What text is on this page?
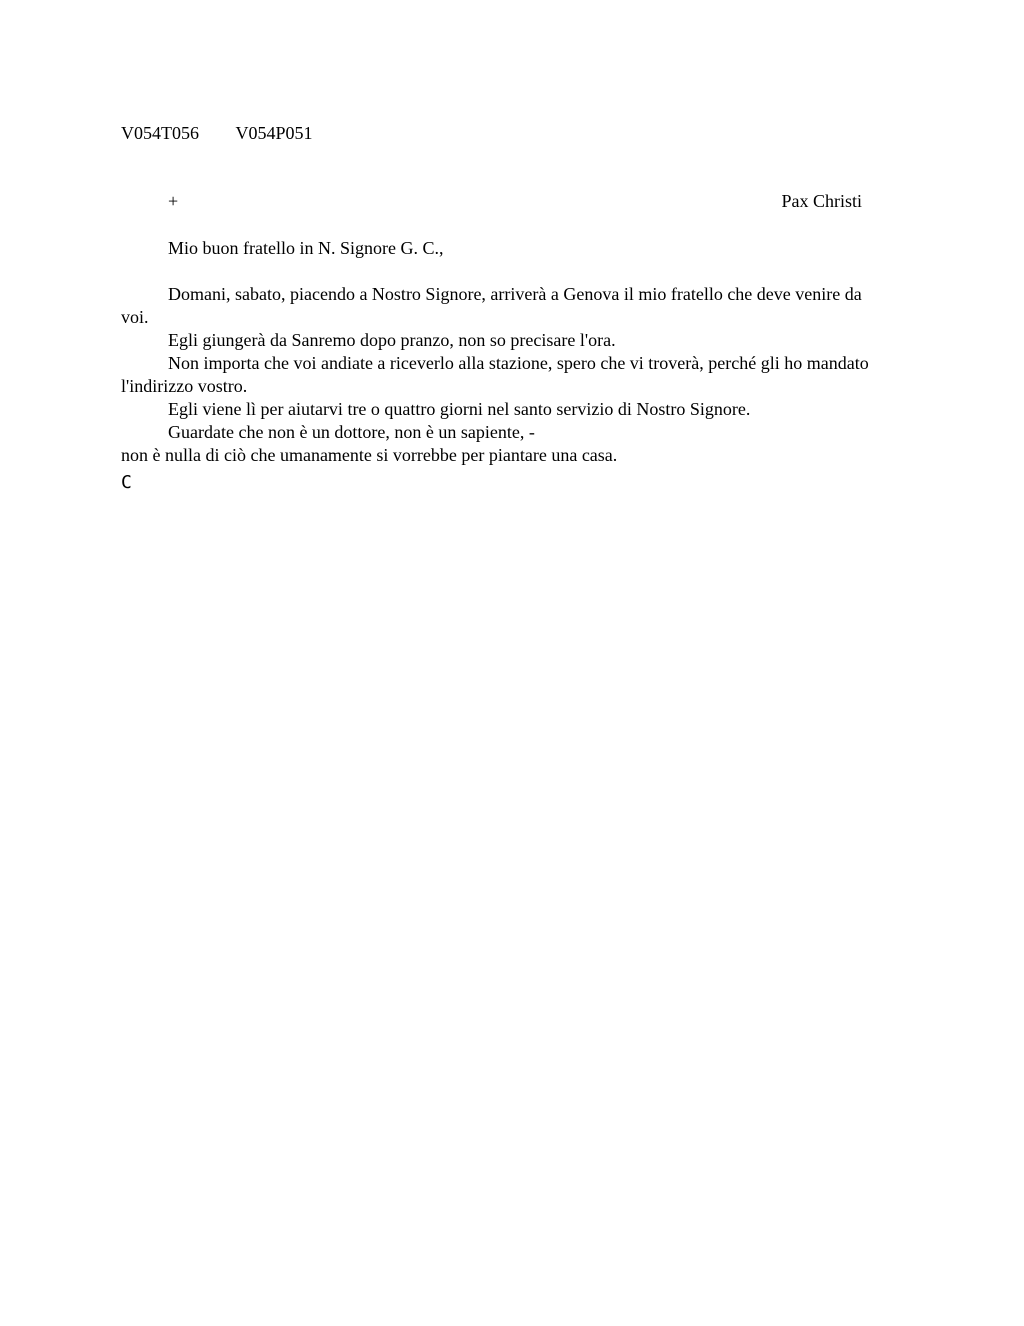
V054T056 V054P051
+	Pax Christi
Mio buon fratello in N. Signore G. C.,

Domani, sabato, piacendo a Nostro Signore, arriverà a Genova il mio fratello che deve venire da voi.

Egli giungerà da Sanremo dopo pranzo, non so precisare l'ora.

Non importa che voi andiate a riceverlo alla stazione, spero che vi troverà, perché gli ho mandato l'indirizzo vostro.

Egli viene lì per aiutarvi tre o quattro giorni nel santo servizio di Nostro Signore.

Guardate che non è un dottore, non è un sapiente, -

non è nulla di ciò che umanamente si vorrebbe per piantare una casa.

C
